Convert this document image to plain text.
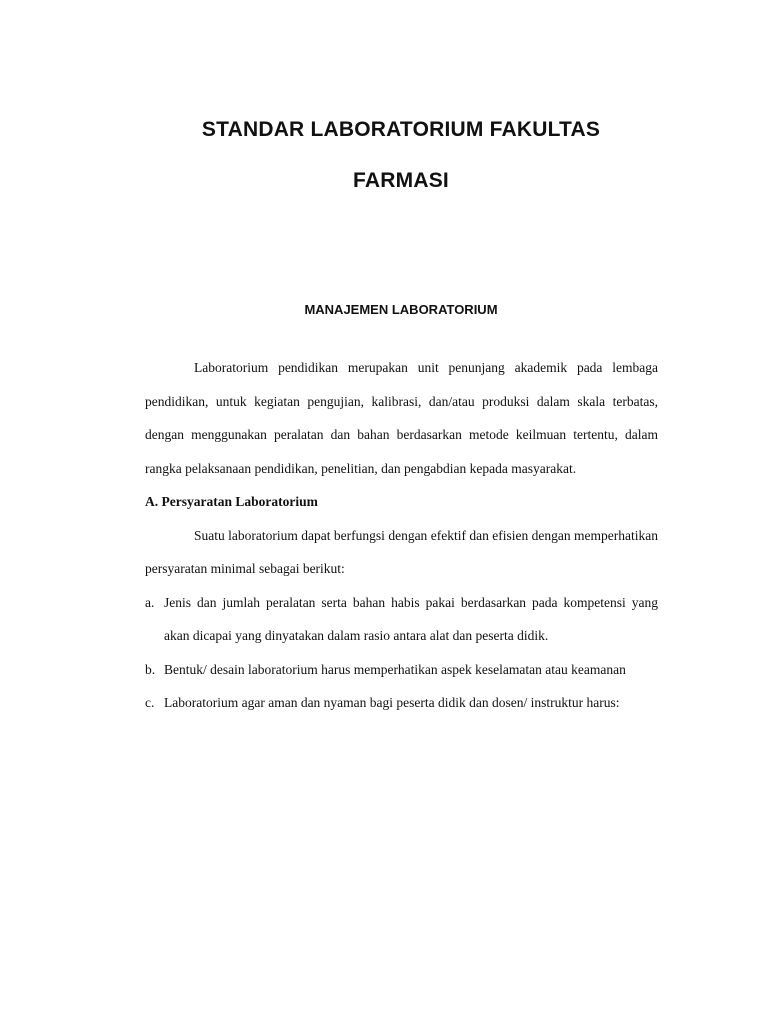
STANDAR LABORATORIUM FAKULTAS
FARMASI
MANAJEMEN LABORATORIUM

Laboratorium pendidikan merupakan unit penunjang akademik pada lembaga pendidikan, untuk kegiatan pengujian, kalibrasi, dan/atau produksi dalam skala terbatas, dengan menggunakan peralatan dan bahan berdasarkan metode keilmuan tertentu, dalam rangka pelaksanaan pendidikan, penelitian, dan pengabdian kepada masyarakat.

A. Persyaratan Laboratorium

Suatu laboratorium dapat berfungsi dengan efektif dan efisien dengan memperhatikan persyaratan minimal sebagai berikut:

a. Jenis dan jumlah peralatan serta bahan habis pakai berdasarkan pada kompetensi yang akan dicapai yang dinyatakan dalam rasio antara alat dan peserta didik.
b. Bentuk/ desain laboratorium harus memperhatikan aspek keselamatan atau keamanan
c. Laboratorium agar aman dan nyaman bagi peserta didik dan dosen/ instruktur harus:
